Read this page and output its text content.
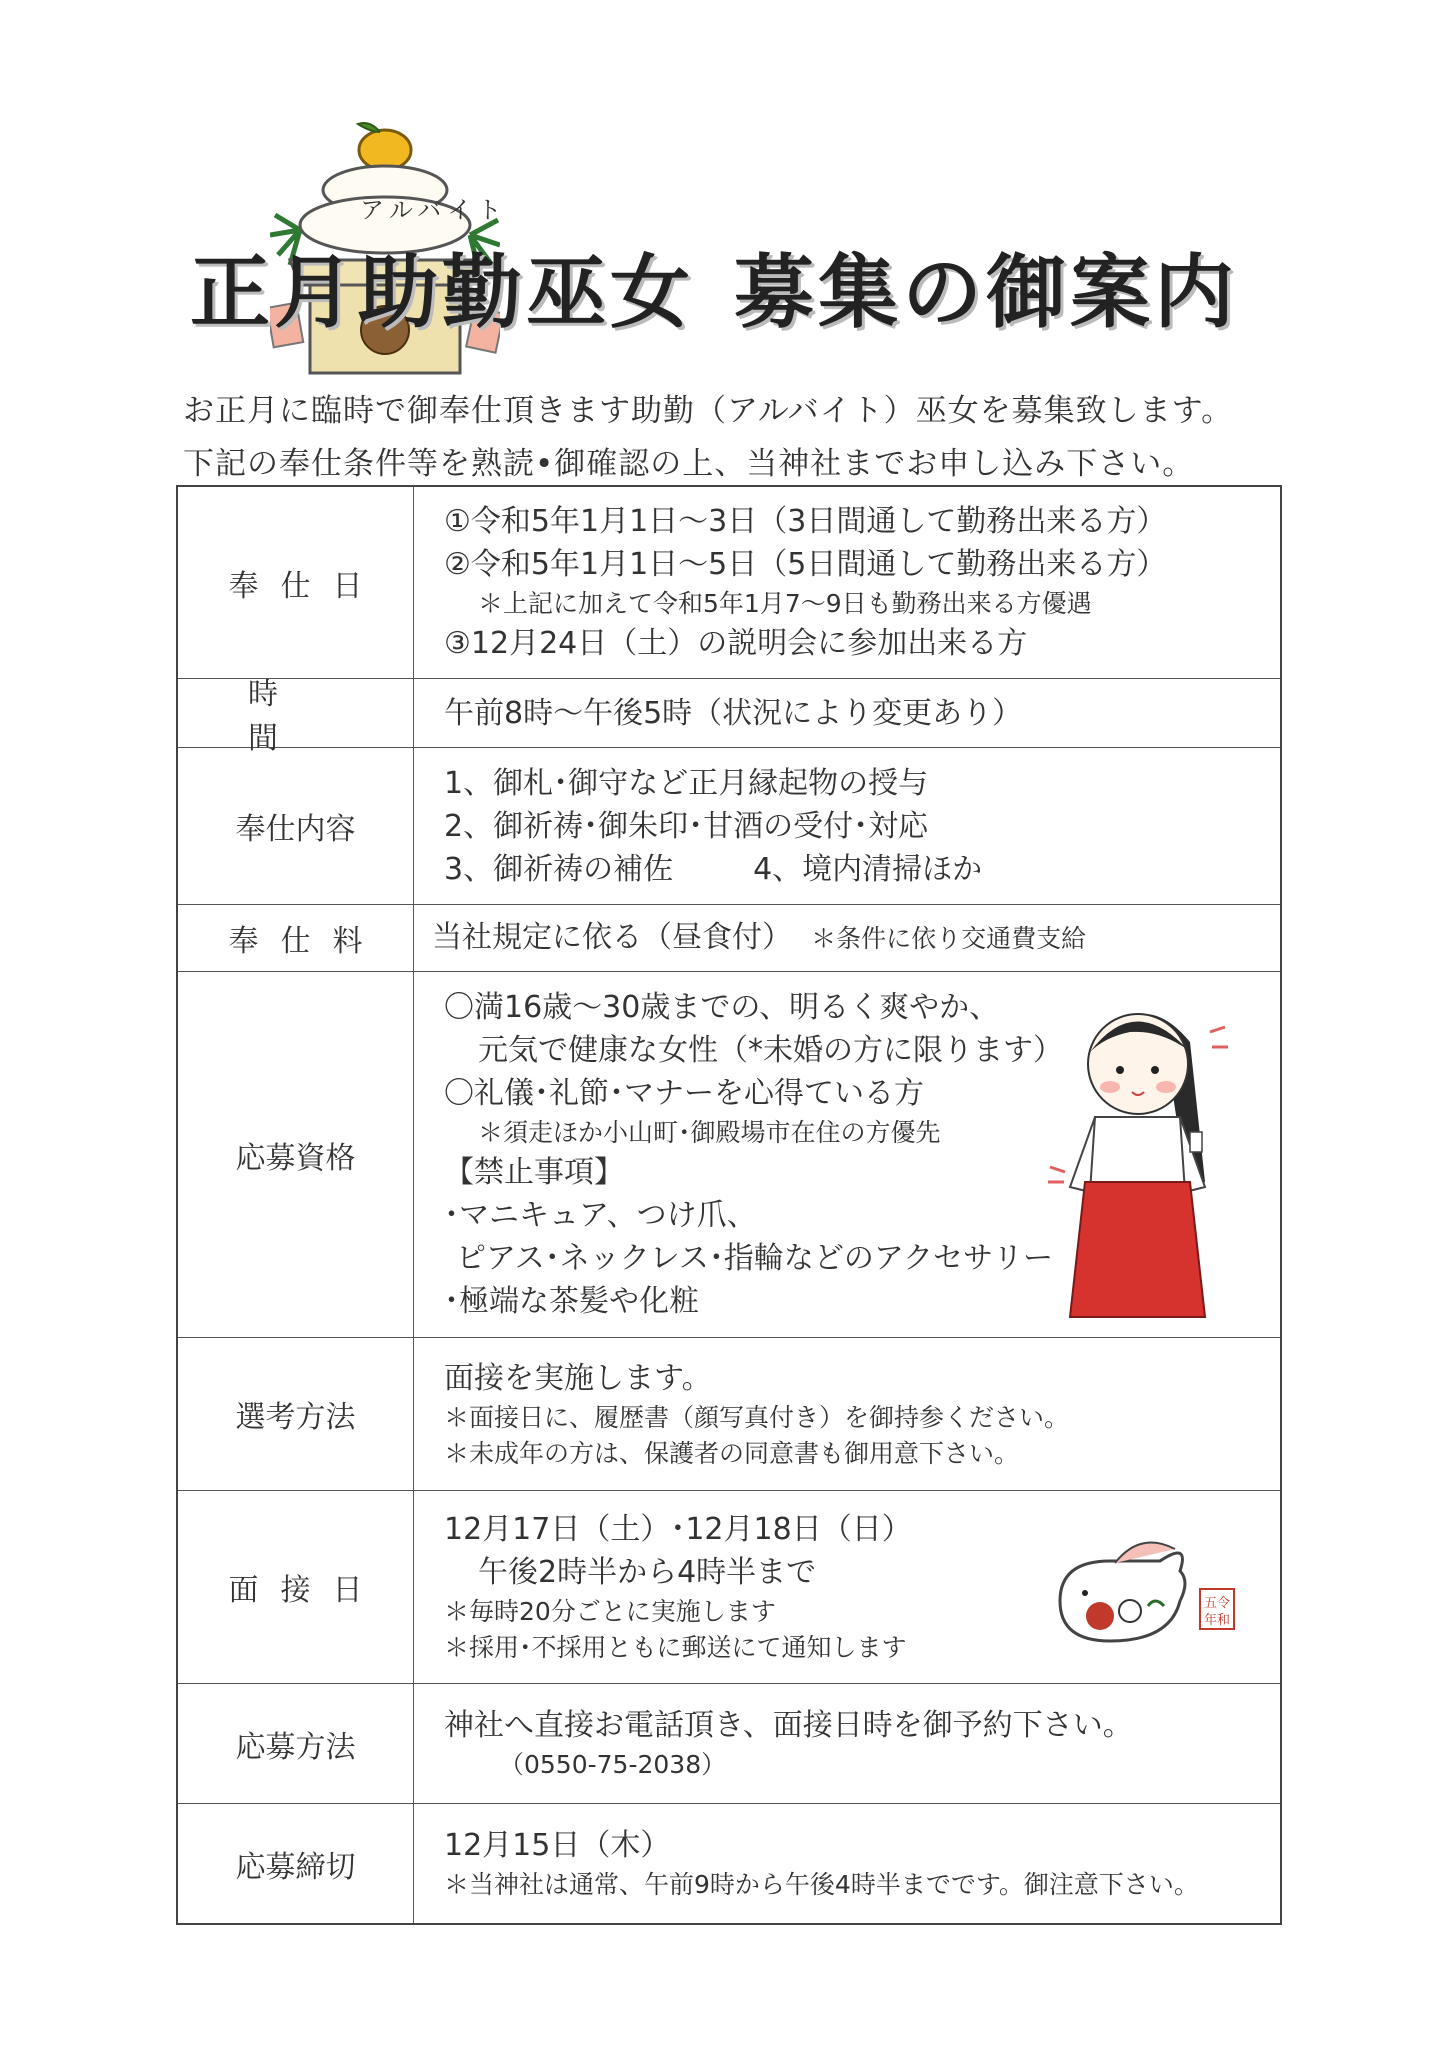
アルバイト
正月助勤巫女 募集の御案内
お正月に臨時で御奉仕頂きます助勤（アルバイト）巫女を募集致します。
下記の奉仕条件等を熟読•御確認の上、当神社までお申し込み下さい。
奉仕日
①令和5年1月1日～3日（3日間通して勤務出来る方）
②令和5年1月1日～5日（5日間通して勤務出来る方）
＊上記に加えて令和5年1月7～9日も勤務出来る方優遇
③12月24日（土）の説明会に参加出来る方
時間
午前8時～午後5時（状況により変更あり）
奉仕内容
1、御札･御守など正月縁起物の授与
2、御祈祷･御朱印･甘酒の受付･対応
3、御祈祷の補佐	4、境内清掃ほか
奉仕料 当社規定に依る（昼食付） ＊条件に依り交通費支給
応募資格
〇満16歳～30歳までの、明るく爽やか、
元気で健康な女性（*未婚の方に限ります）
〇礼儀･礼節･マナーを心得ている方
＊須走ほか小山町･御殿場市在住の方優先
【禁止事項】
･マニキュア、つけ爪、
ピアス･ネックレス･指輪などのアクセサリー
･極端な茶髪や化粧
選考方法
面接を実施します。
＊面接日に、履歴書（顔写真付き）を御持参ください。
＊未成年の方は、保護者の同意書も御用意下さい。
面接日
12月17日（土）･12月18日（日）
午後2時半から4時半まで
＊毎時20分ごとに実施します
＊採用･不採用ともに郵送にて通知します
五令
年和
応募方法
神社へ直接お電話頂き、面接日時を御予約下さい。
（0550-75-2038）
応募締切
12月15日（木）
＊当神社は通常、午前9時から午後4時半までです。御注意下さい。
